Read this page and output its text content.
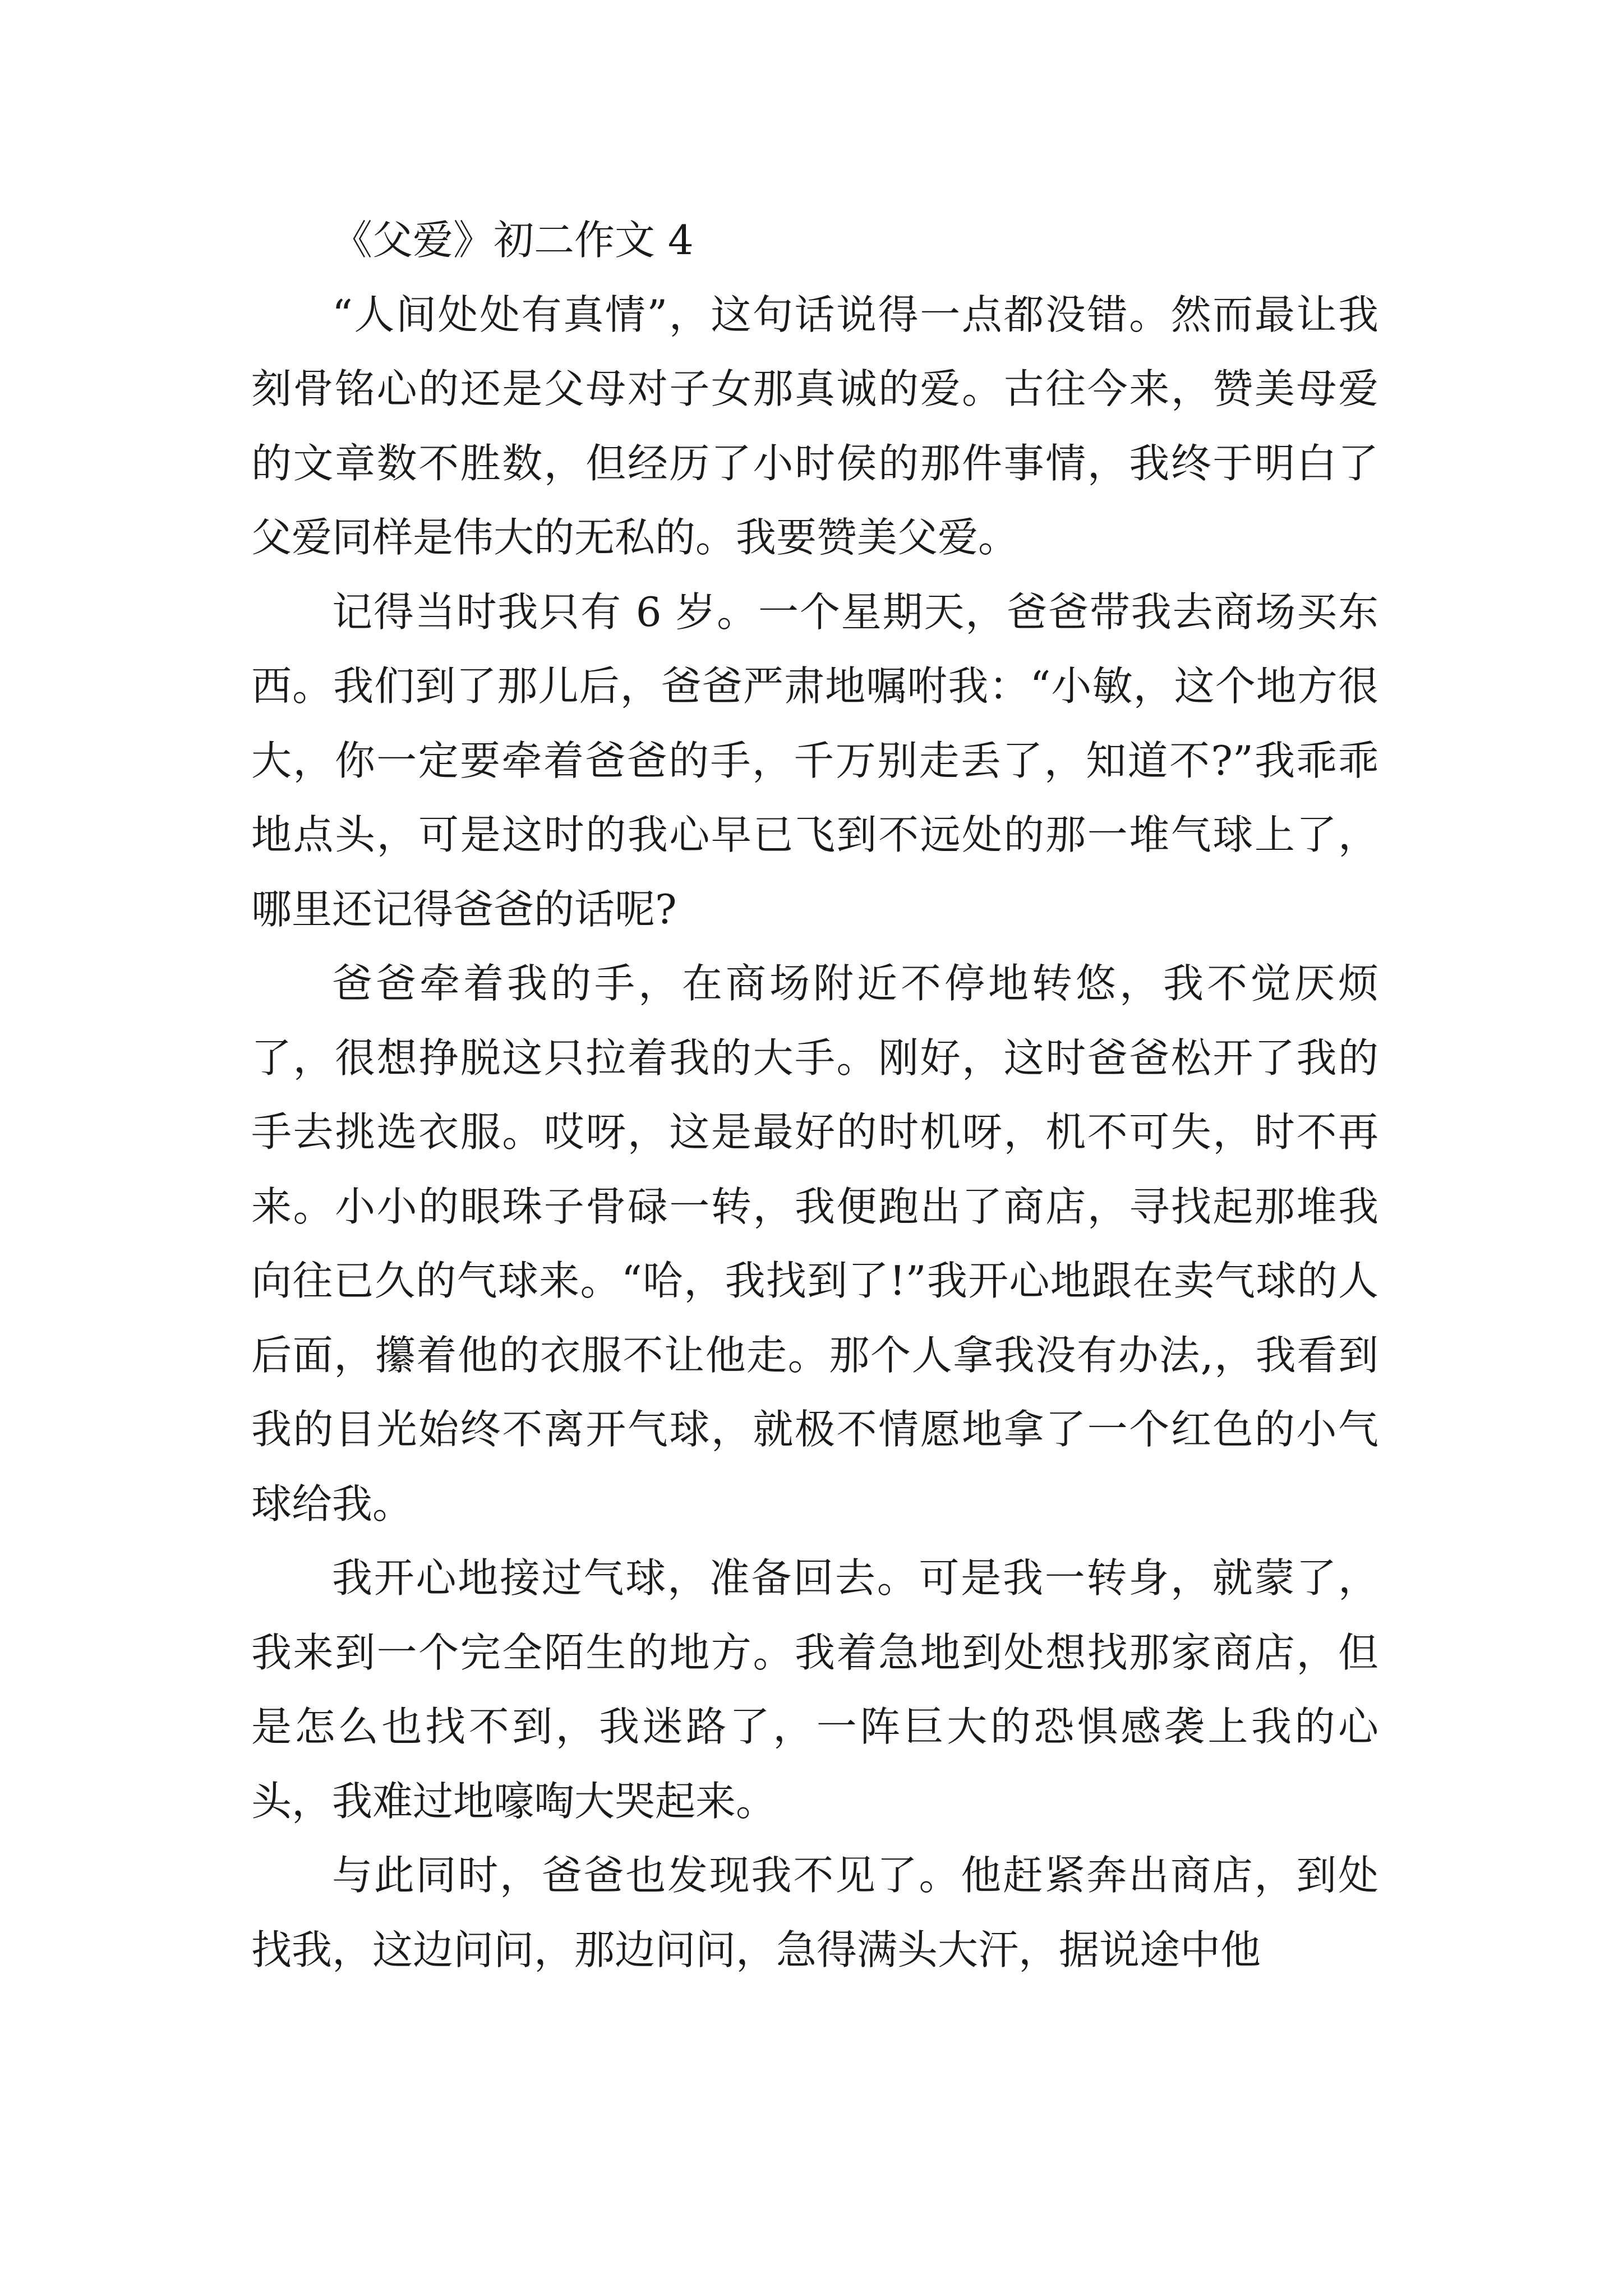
《父爱》初二作文 4

“人间处处有真情”，这句话说得一点都没错。然而最让我刻骨铭心的还是父母对子女那真诚的爱。古往今来，赞美母爱的文章数不胜数，但经历了小时侯的那件事情，我终于明白了父爱同样是伟大的无私的。我要赞美父爱。

记得当时我只有 6 岁。一个星期天，爸爸带我去商场买东西。我们到了那儿后，爸爸严肃地嘱咐我：“小敏，这个地方很大，你一定要牵着爸爸的手，千万别走丢了，知道不?”我乖乖地点头，可是这时的我心早已飞到不远处的那一堆气球上了，哪里还记得爸爸的话呢?

爸爸牵着我的手，在商场附近不停地转悠，我不觉厌烦了，很想挣脱这只拉着我的大手。刚好，这时爸爸松开了我的手去挑选衣服。哎呀，这是最好的时机呀，机不可失，时不再来。小小的眼珠子骨碌一转，我便跑出了商店，寻找起那堆我向往已久的气球来。“哈，我找到了!”我开心地跟在卖气球的人后面，攥着他的衣服不让他走。那个人拿我没有办法,，我看到我的目光始终不离开气球，就极不情愿地拿了一个红色的小气球给我。

我开心地接过气球，准备回去。可是我一转身，就蒙了，我来到一个完全陌生的地方。我着急地到处想找那家商店，但是怎么也找不到，我迷路了，一阵巨大的恐惧感袭上我的心头，我难过地嚎啕大哭起来。

与此同时，爸爸也发现我不见了。他赶紧奔出商店，到处找我，这边问问，那边问问，急得满头大汗，据说途中他
